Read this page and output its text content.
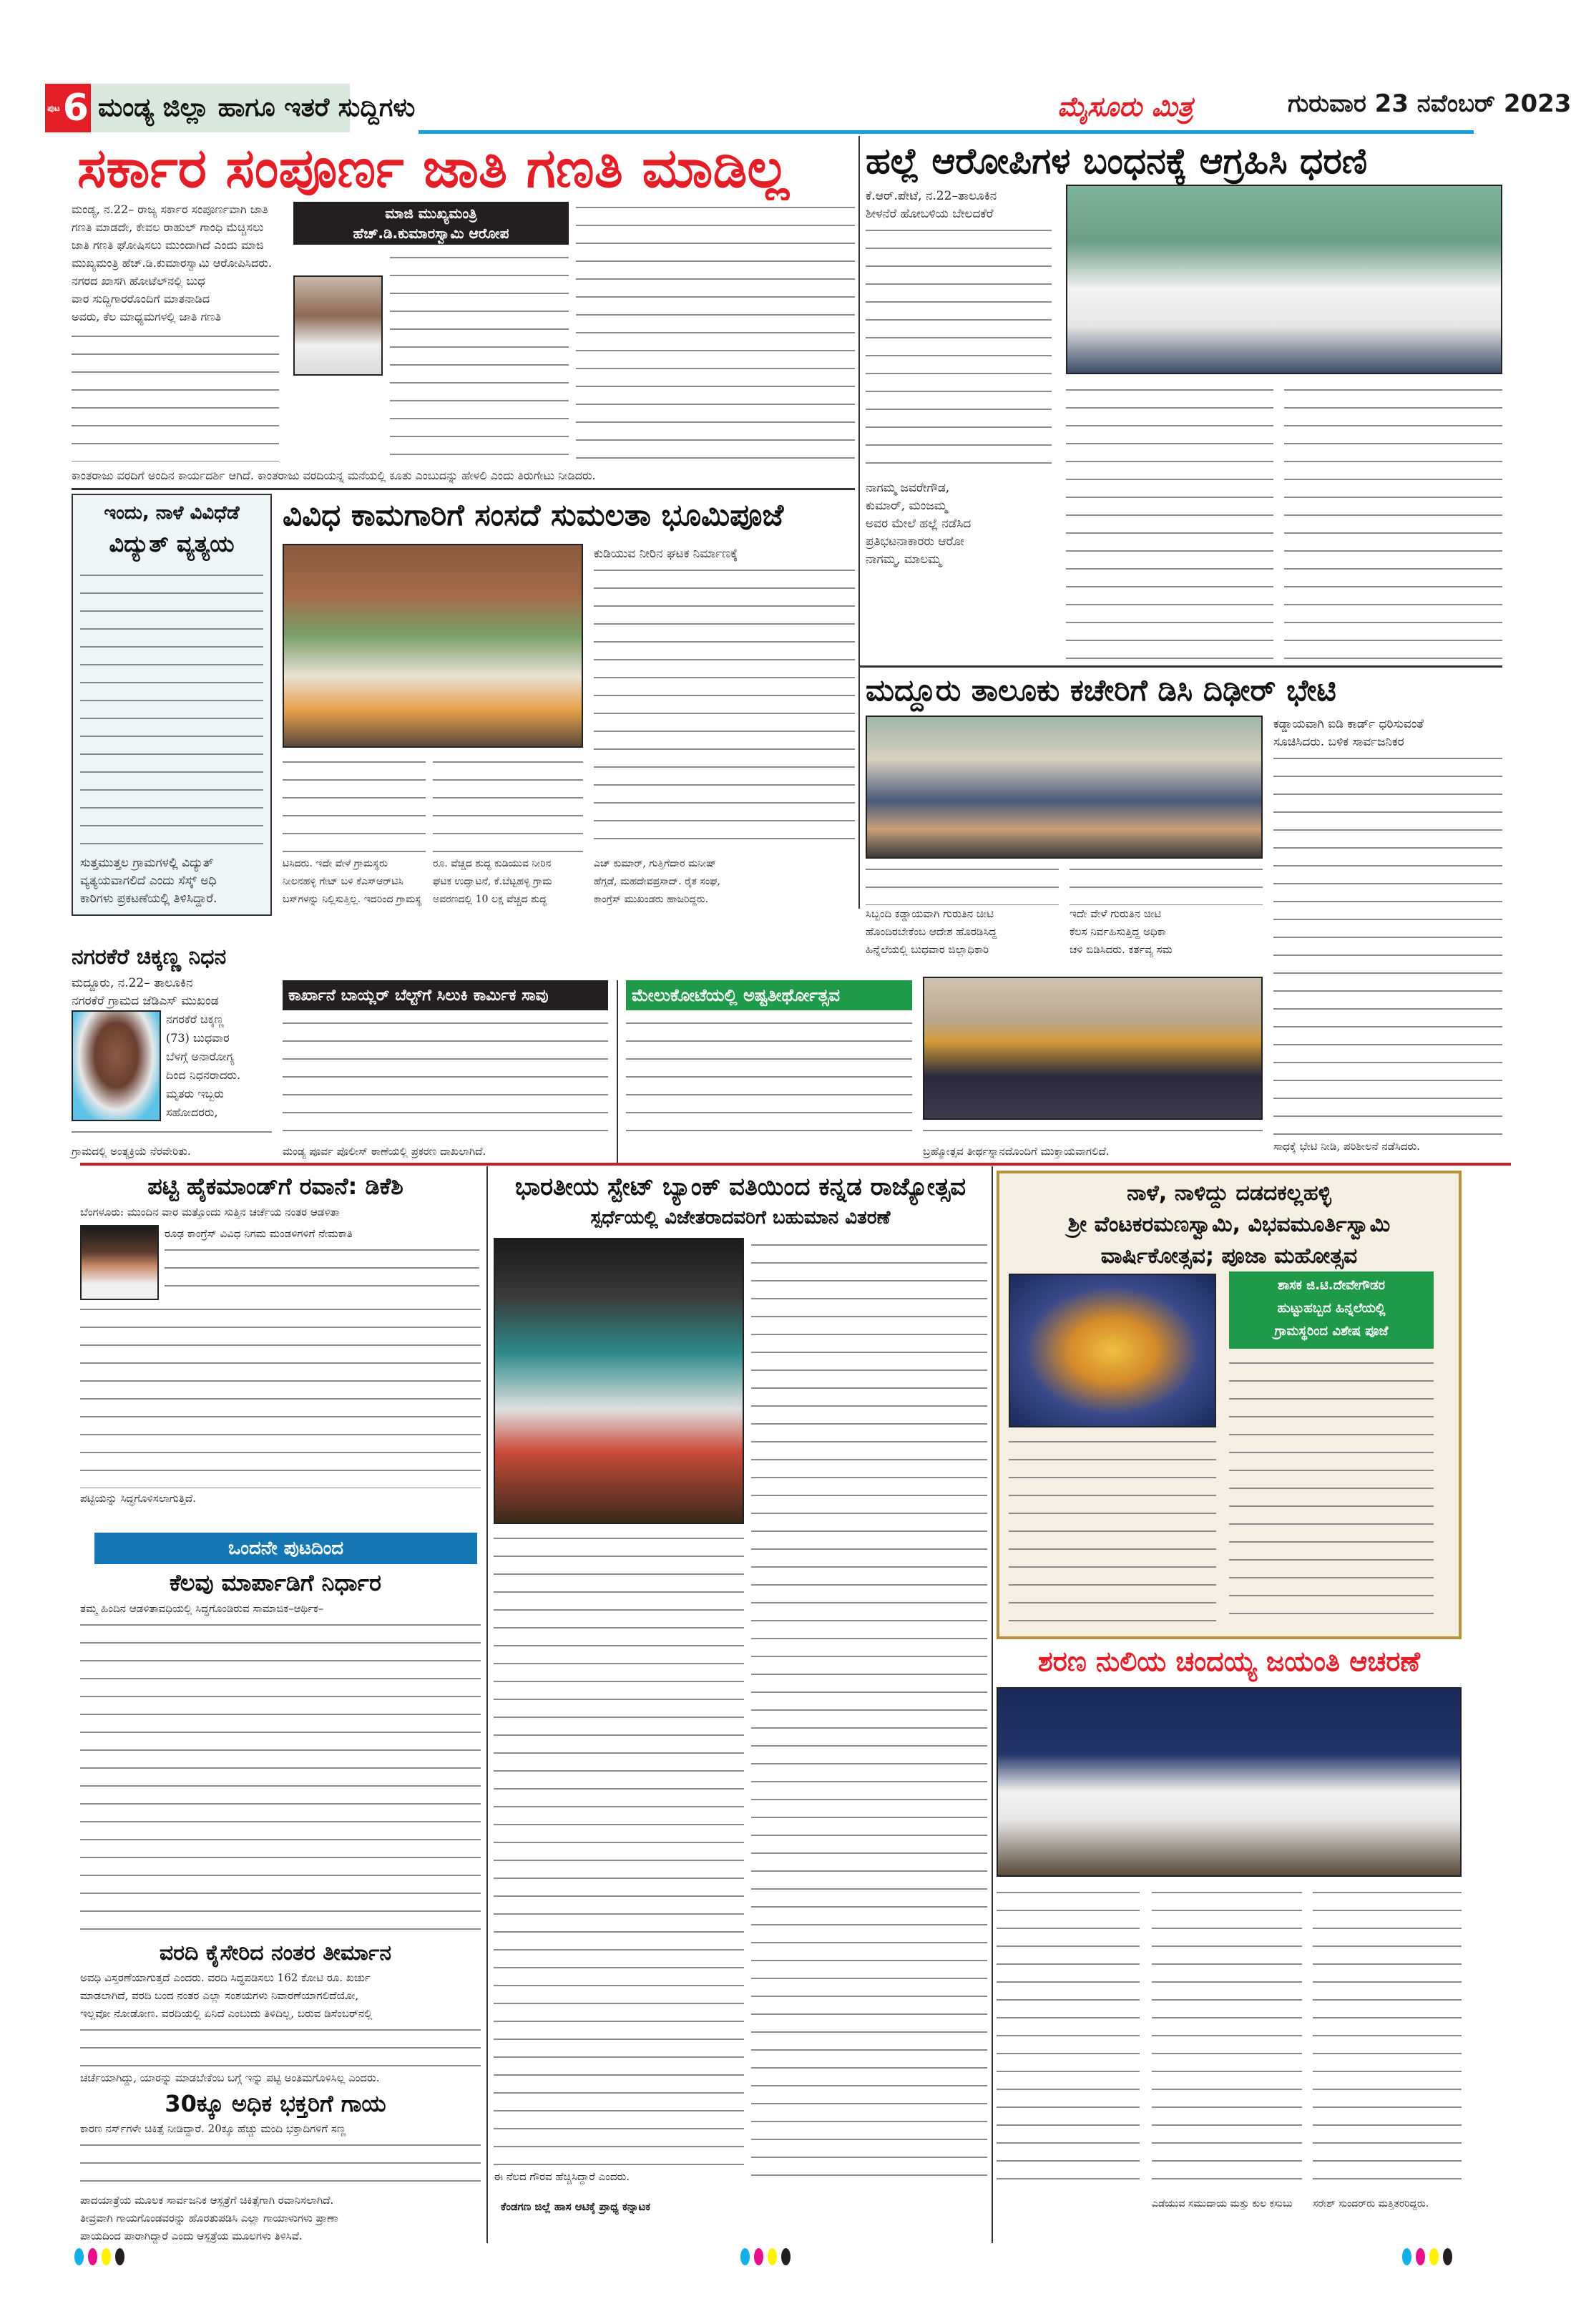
ಪುಟ 6 ಮಂಡ್ಯ ಜಿಲ್ಲಾ ಹಾಗೂ ಇತರೆ ಸುದ್ದಿಗಳು	ಮೈಸೂರು ಮಿತ್ರ	ಗುರುವಾರ 23 ನವೆಂಬರ್ 2023
ಸರ್ಕಾರ ಸಂಪೂರ್ಣ ಜಾತಿ ಗಣತಿ ಮಾಡಿಲ್ಲ
ಮಂಡ್ಯ, ನ.22– ರಾಜ್ಯ ಸರ್ಕಾರ ಸಂಪೂರ್ಣವಾಗಿ ಜಾತಿ
ಗಣತಿ ಮಾಡದೇ, ಕೇವಲ ರಾಹುಲ್ ಗಾಂಧಿ ಮೆಚ್ಚಿಸಲು
ಜಾತಿ ಗಣತಿ ಘೋಷಿಸಲು ಮುಂದಾಗಿದೆ ಎಂದು ಮಾಜಿ
ಮುಖ್ಯಮಂತ್ರಿ ಹೆಚ್.ಡಿ.ಕುಮಾರಸ್ವಾಮಿ ಆರೋಪಿಸಿದರು.
ನಗರದ ಖಾಸಗಿ ಹೋಟೆಲ್‌ನಲ್ಲಿ ಬುಧ
ವಾರ ಸುದ್ದಿಗಾರರೊಂದಿಗೆ ಮಾತನಾಡಿದ
ಅವರು, ಕೆಲ ಮಾಧ್ಯಮಗಳಲ್ಲಿ ಜಾತಿ ಗಣತಿ
ಮಾಜಿ ಮುಖ್ಯಮಂತ್ರಿ
ಹೆಚ್.ಡಿ.ಕುಮಾರಸ್ವಾಮಿ ಆರೋಪ
ಕಾಂತರಾಜು ವರದಿಗೆ ಅಂದಿನ ಕಾರ್ಯದರ್ಶಿ ಆಗಿದೆ. ಕಾಂತರಾಜು ವರದಿಯನ್ನ ಮನೆಯಲ್ಲಿ ಕೂತು ಎಂಬುದನ್ನು ಹೇಳಲಿ ಎಂದು ತಿರುಗೇಟು ನೀಡಿದರು.
ಹಲ್ಲೆ ಆರೋಪಿಗಳ ಬಂಧನಕ್ಕೆ ಆಗ್ರಹಿಸಿ ಧರಣಿ
ಕೆ.ಆರ್.ಪೇಟೆ, ನ.22–ತಾಲೂಕಿನ
ಶೀಳನೆರೆ ಹೋಬಳಿಯ ಬೇಲದಕೆರೆ
ನಾಗಮ್ಮ ಜವರೇಗೌಡ,
ಕುಮಾರ್, ಮಂಜಮ್ಮ
ಅವರ ಮೇಲೆ ಹಲ್ಲೆ ನಡೆಸಿದ
ಪ್ರತಿಭಟನಾಕಾರರು ಆರೋ
ನಾಗಮ್ಮ, ಮಾಲಮ್ಮ
ಇಂದು, ನಾಳೆ ವಿವಿಧೆಡೆ
ವಿದ್ಯುತ್ ವ್ಯತ್ಯಯ
ಸುತ್ತಮುತ್ತಲ ಗ್ರಾಮಗಳಲ್ಲಿ ವಿದ್ಯುತ್
ವ್ಯತ್ಯಯವಾಗಲಿದೆ ಎಂದು ಸೆಸ್ಕ್ ಅಧಿ
ಕಾರಿಗಳು ಪ್ರಕಟಣೆಯಲ್ಲಿ ತಿಳಿಸಿದ್ದಾರೆ.
ವಿವಿಧ ಕಾಮಗಾರಿಗೆ ಸಂಸದೆ ಸುಮಲತಾ ಭೂಮಿಪೂಜೆ
ಕುಡಿಯುವ ನೀರಿನ ಘಟಕ ನಿರ್ಮಾಣಕ್ಕೆ
ಟಿಸಿದರು. ಇದೇ ವೇಳೆ ಗ್ರಾಮಸ್ಥರು
ನೀಲನಹಳ್ಳಿ ಗೇಟ್ ಬಳಿ ಕೆಎಸ್‌ಆರ್‌ಟಿಸಿ
ಬಸ್‌ಗಳನ್ನು ನಿಲ್ಲಿಸುತ್ತಿಲ್ಲ. ಇದರಿಂದ ಗ್ರಾಮಸ್ಥ
ರೂ. ವೆಚ್ಚದ ಶುದ್ಧ ಕುಡಿಯುವ ನೀರಿನ
ಘಟಕ ಉದ್ಘಾಟನೆ, ಕೆ.ಬೆಟ್ಟಹಳ್ಳಿ ಗ್ರಾಮ
ಅವರಣದಲ್ಲಿ 10 ಲಕ್ಷ ವೆಚ್ಚದ ಶುದ್ಧ
ಎಚ್ ಕುಮಾರ್, ಗುತ್ತಿಗೆದಾರ ಮನೀಷ್
ಹೆಗ್ಗಡೆ, ಮಹದೇವಪ್ರಸಾದ್. ರೈತ ಸಂಘ,
ಕಾಂಗ್ರೆಸ್ ಮುಖಂಡರು ಹಾಜರಿದ್ದರು.
ಮದ್ದೂರು ತಾಲೂಕು ಕಚೇರಿಗೆ ಡಿಸಿ ದಿಢೀರ್ ಭೇಟಿ
ಕಡ್ಡಾಯವಾಗಿ ಐಡಿ ಕಾರ್ಡ್ ಧರಿಸುವಂತೆ
ಸೂಚಿಸಿದರು. ಬಳಿಕ ಸಾರ್ವಜನಿಕರ
ಸಿಬ್ಬಂದಿ ಕಡ್ಡಾಯವಾಗಿ ಗುರುತಿನ ಚೀಟಿ
ಹೊಂದಿರಬೇಕೆಂಬ ಆದೇಶ ಹೊರಡಿಸಿದ್ದ
ಹಿನ್ನೆಲೆಯಲ್ಲಿ ಬುಧವಾರ ಜಿಲ್ಲಾಧಿಕಾರಿ
ಇದೇ ವೇಳೆ ಗುರುತಿನ ಚೀಟಿ
ಕೆಲಸ ನಿರ್ವಹಿಸುತ್ತಿದ್ದ ಅಧಿಕಾ
ಚಳಿ ಬಿಡಿಸಿದರು. ಕರ್ತವ್ಯ ಸಮ
ಸಾಧಕ್ಕೆ ಭೇಟಿ ನೀಡಿ, ಪರಿಶೀಲನೆ ನಡೆಸಿದರು.
ನಗರಕೆರೆ ಚಿಕ್ಕಣ್ಣ ನಿಧನ
ಮದ್ದೂರು, ನ.22– ತಾಲೂಕಿನ
ನಗರಕೆರೆ ಗ್ರಾಮದ ಜೆಡಿಎಸ್ ಮುಖಂಡ
ನಗರಕೆರೆ ಚಿಕ್ಕಣ್ಣ
(73) ಬುಧವಾರ
ಬೆಳಗ್ಗೆ ಅನಾರೋಗ್ಯ
ದಿಂದ ನಿಧನರಾದರು.
ಮೃತರು ಇಬ್ಬರು
ಸಹೋದರರು,
ಗ್ರಾಮದಲ್ಲಿ ಅಂತ್ಯಕ್ರಿಯೆ ನೆರವೇರಿತು.
ಕಾರ್ಖಾನೆ ಬಾಯ್ಲರ್ ಬೆಲ್ಟ್‌ಗೆ ಸಿಲುಕಿ ಕಾರ್ಮಿಕ ಸಾವು
ಮಂಡ್ಯ ಪೂರ್ವ ಪೊಲೀಸ್ ಠಾಣೆಯಲ್ಲಿ ಪ್ರಕರಣ ದಾಖಲಾಗಿದೆ.
ಮೇಲುಕೋಟೆಯಲ್ಲಿ ಅಷ್ಟತೀರ್ಥೋತ್ಸವ
ಬ್ರಹ್ಮೋತ್ಸವ ತೀರ್ಥಸ್ನಾನದೊಂದಿಗೆ ಮುಕ್ತಾಯವಾಗಲಿದೆ.
ಪಟ್ಟಿ ಹೈಕಮಾಂಡ್‌ಗೆ ರವಾನೆ: ಡಿಕೆಶಿ
ಬೆಂಗಳೂರು: ಮುಂದಿನ ವಾರ ಮತ್ತೊಂದು ಸುತ್ತಿನ ಚರ್ಚೆಯ ನಂತರ ಆಡಳಿತಾ
ರೂಢ ಕಾಂಗ್ರೆಸ್ ವಿವಿಧ ನಿಗಮ ಮಂಡಳಿಗಳಿಗೆ ನೇಮಕಾತಿ
ಪಟ್ಟಿಯನ್ನು ಸಿದ್ಧಗೊಳಿಸಲಾಗುತ್ತಿದೆ.
ಒಂದನೇ ಪುಟದಿಂದ
ಕೆಲವು ಮಾರ್ಪಾಡಿಗೆ ನಿರ್ಧಾರ
ತಮ್ಮ ಹಿಂದಿನ ಆಡಳಿತಾವಧಿಯಲ್ಲಿ ಸಿದ್ಧಗೊಂಡಿರುವ ಸಾಮಾಜಿಕ–ಆರ್ಥಿಕ–
ವರದಿ ಕೈಸೇರಿದ ನಂತರ ತೀರ್ಮಾನ
ಅವಧಿ ವಿಸ್ತರಣೆಯಾಗುತ್ತದೆ ಎಂದರು. ವರದಿ ಸಿದ್ಧಪಡಿಸಲು 162 ಕೋಟಿ ರೂ. ಖರ್ಚು
ಮಾಡಲಾಗಿದೆ, ವರದಿ ಬಂದ ನಂತರ ಎಲ್ಲಾ ಸಂಶಯಗಳು ನಿವಾರಣೆಯಾಗಲಿದೆಯೋ,
ಇಲ್ಲವೋ ನೋಡೋಣ. ವರದಿಯಲ್ಲಿ ಏನಿದೆ ಎಂಬುದು ತಿಳಿದಿಲ್ಲ, ಬರುವ ಡಿಸೆಂಬರ್‌ನಲ್ಲಿ
ಚರ್ಚೆಯಾಗಿದ್ದು, ಯಾರನ್ನು ಮಾಡಬೇಕೆಂಬ ಬಗ್ಗೆ ಇನ್ನು ಪಟ್ಟಿ ಅಂತಿಮಗೊಳಿಸಿಲ್ಲ ಎಂದರು.
30ಕ್ಕೂ ಅಧಿಕ ಭಕ್ತರಿಗೆ ಗಾಯ
ಕಾರಣ ನರ್ಸ್‌ಗಳೇ ಚಿಕಿತ್ಸೆ ನೀಡಿದ್ದಾರೆ. 20ಕ್ಕೂ ಹೆಚ್ಚು ಮಂದಿ ಭಕ್ತಾದಿಗಳಿಗೆ ಸಣ್ಣ
ಪಾದಯಾತ್ರೆಯ ಮೂಲಕ ಸಾರ್ವಜನಿಕ ಆಸ್ಪತ್ರೆಗೆ ಚಿಕಿತ್ಸೆಗಾಗಿ ರವಾನಿಸಲಾಗಿದೆ.
ತೀವ್ರವಾಗಿ ಗಾಯಗೊಂಡವರನ್ನು ಹೊರತುಪಡಿಸಿ ಎಲ್ಲಾ ಗಾಯಾಳುಗಳು ಪ್ರಾಣಾ
ಪಾಯದಿಂದ ಪಾರಾಗಿದ್ದಾರೆ ಎಂದು ಆಸ್ಪತ್ರೆಯ ಮೂಲಗಳು ತಿಳಿಸಿವೆ.
ಭಾರತೀಯ ಸ್ಟೇಟ್ ಬ್ಯಾಂಕ್ ವತಿಯಿಂದ ಕನ್ನಡ ರಾಜ್ಯೋತ್ಸವ
ಸ್ಪರ್ಧೆಯಲ್ಲಿ ವಿಜೇತರಾದವರಿಗೆ ಬಹುಮಾನ ವಿತರಣೆ
ಈ ನೆಲದ ಗೌರವ ಹೆಚ್ಚಿಸಿದ್ದಾರೆ ಎಂದರು.
ಕೆಂಡಗಣ ಜಿಲ್ಲೆ ಹಾಸ ಆಟಿಕ್ಕೆ ಪ್ರಾಧ್ಯ ಕನ್ನಾಟಕ
ನಾಳೆ, ನಾಳಿದ್ದು ದಡದಕಲ್ಲಹಳ್ಳಿ
ಶ್ರೀ ವೆಂಟಕರಮಣಸ್ವಾಮಿ, ವಿಭವಮೂರ್ತಿಸ್ವಾಮಿ
ವಾರ್ಷಿಕೋತ್ಸವ; ಪೂಜಾ ಮಹೋತ್ಸವ
ಶಾಸಕ ಜಿ.ಟಿ.ದೇವೇಗೌಡರ
ಹುಟ್ಟುಹಬ್ಬದ ಹಿನ್ನಲೆಯಲ್ಲಿ
ಗ್ರಾಮಸ್ಥರಿಂದ ವಿಶೇಷ ಪೂಜೆ
ಶರಣ ನುಲಿಯ ಚಂದಯ್ಯ ಜಯಂತಿ ಆಚರಣೆ
ಎಡೆಯುವ ಸಮುದಾಯ ಮತ್ತು ಕುಲ ಕಸುಬು	ಸರೇಶ್ ಸುಂದರ್‌ರು ಮತ್ತಿತರರಿದ್ದರು.
